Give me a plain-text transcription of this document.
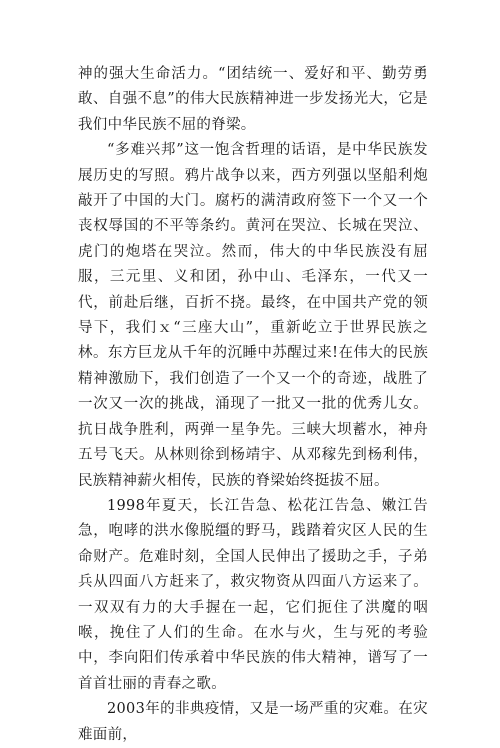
神的强大生命活力。“团结统一、爱好和平、勤劳勇敢、自强不息”的伟大民族精神进一步发扬光大，它是我们中华民族不屈的脊梁。

“多难兴邦”这一饱含哲理的话语，是中华民族发展历史的写照。鸦片战争以来，西方列强以坚船利炮敲开了中国的大门。腐朽的满清政府签下一个又一个丧权辱国的不平等条约。黄河在哭泣、长城在哭泣、虎门的炮塔在哭泣。然而，伟大的中华民族没有屈服，三元里、义和团，孙中山、毛泽东，一代又一代，前赴后继，百折不挠。最终，在中国共产党的领导下，我们ｘ“三座大山”，重新屹立于世界民族之林。东方巨龙从千年的沉睡中苏醒过来!在伟大的民族精神激励下，我们创造了一个又一个的奇迹，战胜了一次又一次的挑战，涌现了一批又一批的优秀儿女。抗日战争胜利，两弹一星争先。三峡大坝蓄水，神舟五号飞天。从林则徐到杨靖宇、从邓稼先到杨利伟，民族精神薪火相传，民族的脊梁始终挺拔不屈。

1998年夏天，长江告急、松花江告急、嫩江告急，咆哮的洪水像脱缰的野马，践踏着灾区人民的生命财产。危难时刻，全国人民伸出了援助之手，子弟兵从四面八方赶来了，救灾物资从四面八方运来了。一双双有力的大手握在一起，它们扼住了洪魔的咽喉，挽住了人们的生命。在水与火，生与死的考验中，李向阳们传承着中华民族的伟大精神，谱写了一首首壮丽的青春之歌。

2003年的非典疫情，又是一场严重的灾难。在灾难面前，
